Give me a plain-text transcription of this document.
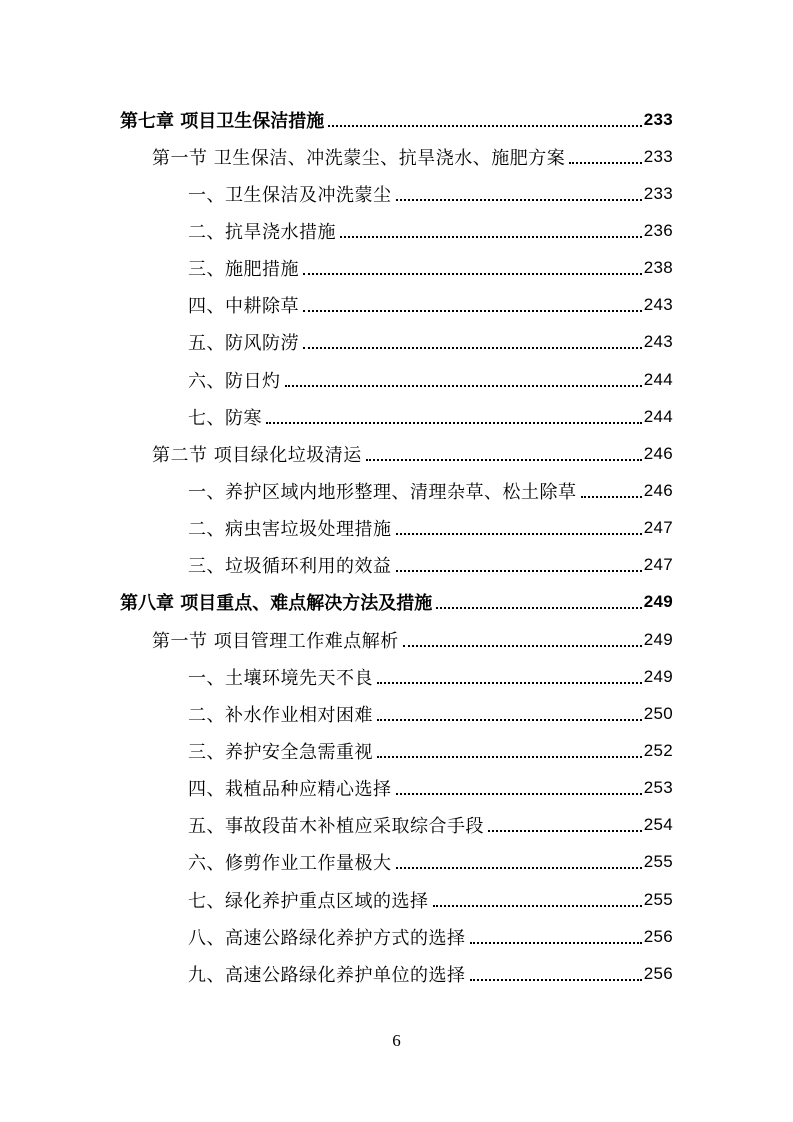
第七章 项目卫生保洁措施	233
第一节 卫生保洁、冲洗蒙尘、抗旱浇水、施肥方案	233
一、卫生保洁及冲洗蒙尘	233
二、抗旱浇水措施	236
三、施肥措施	238
四、中耕除草	243
五、防风防涝	243
六、防日灼	244
七、防寒	244
第二节 项目绿化垃圾清运	246
一、养护区域内地形整理、清理杂草、松土除草	246
二、病虫害垃圾处理措施	247
三、垃圾循环利用的效益	247
第八章 项目重点、难点解决方法及措施	249
第一节 项目管理工作难点解析	249
一、土壤环境先天不良	249
二、补水作业相对困难	250
三、养护安全急需重视	252
四、栽植品种应精心选择	253
五、事故段苗木补植应采取综合手段	254
六、修剪作业工作量极大	255
七、绿化养护重点区域的选择	255
八、高速公路绿化养护方式的选择	256
九、高速公路绿化养护单位的选择	256
6
